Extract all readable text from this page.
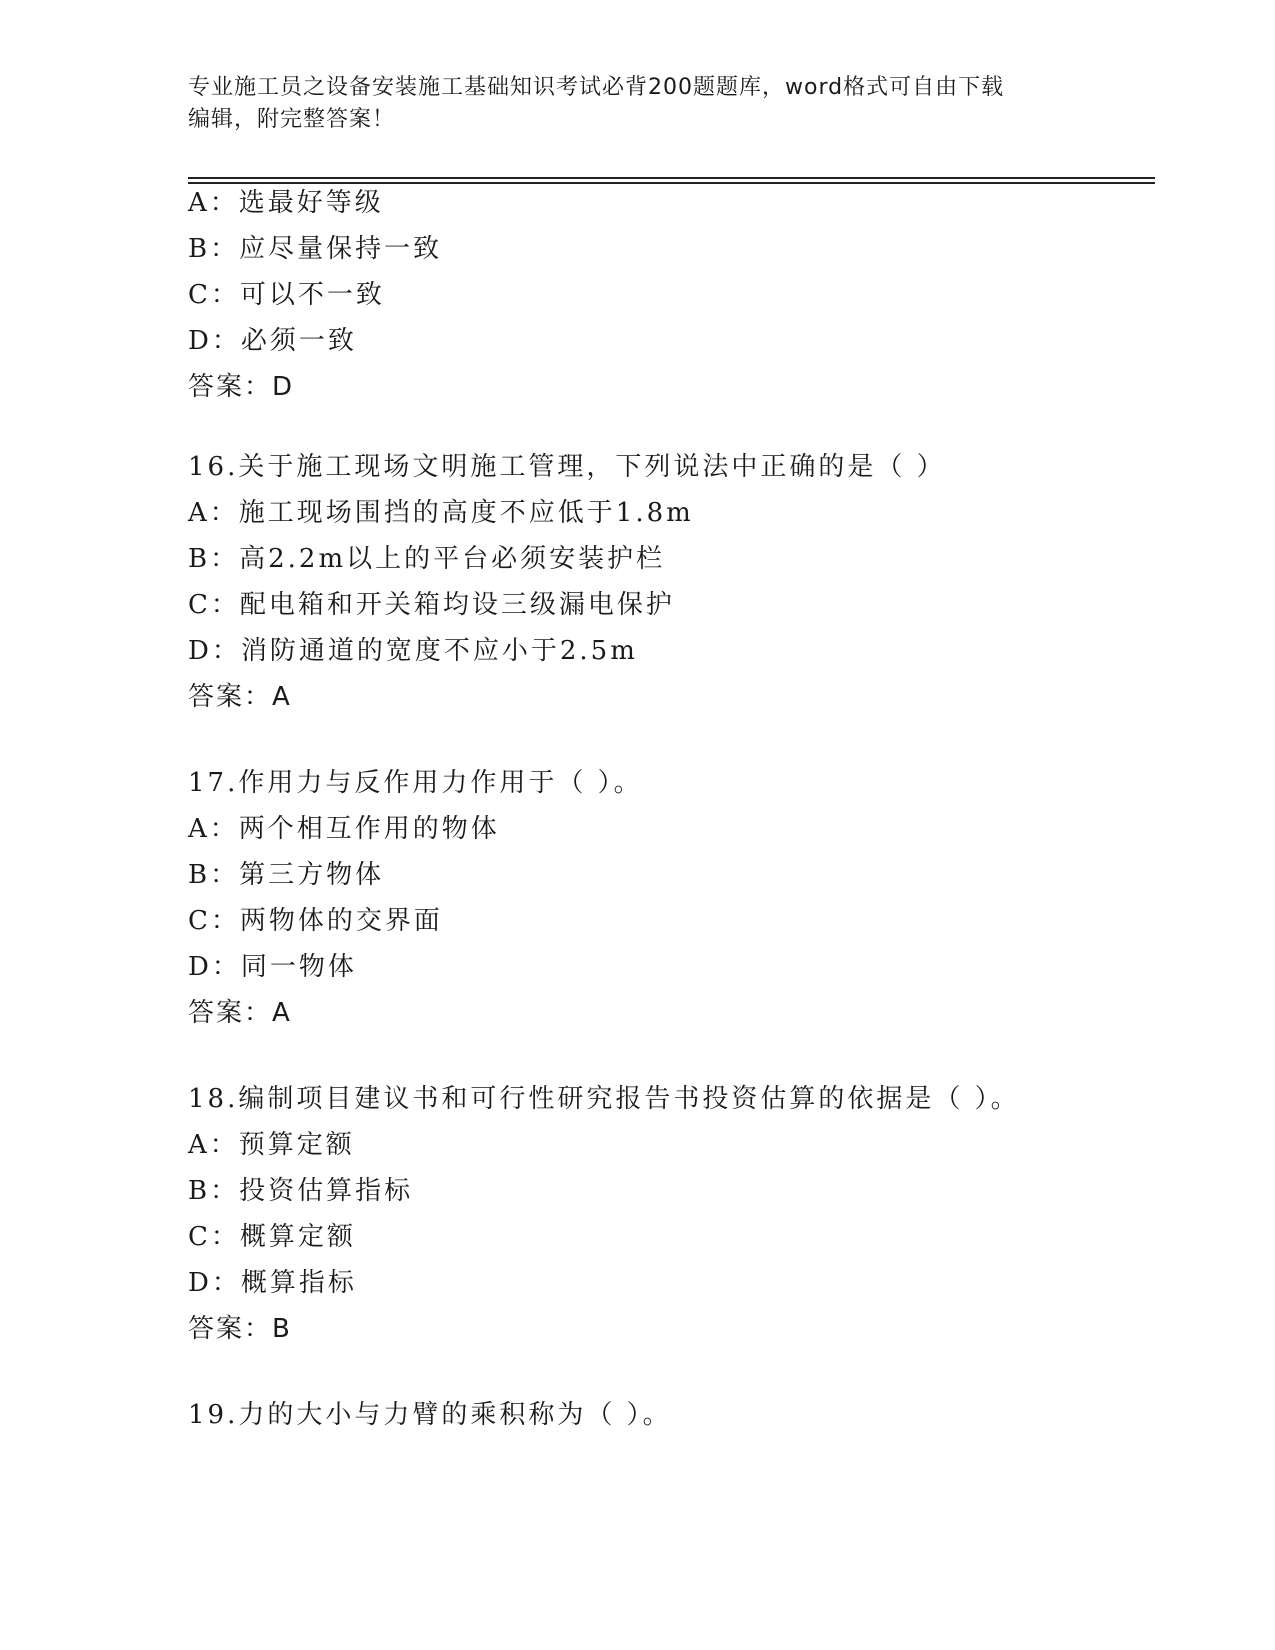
专业施工员之设备安装施工基础知识考试必背200题题库，word格式可自由下载
编辑，附完整答案！
A：选最好等级
B：应尽量保持一致
C：可以不一致
D：必须一致
答案：D
16.关于施工现场文明施工管理，下列说法中正确的是（ ）
A：施工现场围挡的高度不应低于1.8m
B：高2.2m以上的平台必须安装护栏
C：配电箱和开关箱均设三级漏电保护
D：消防通道的宽度不应小于2.5m
答案：A
17.作用力与反作用力作用于（ ）。
A：两个相互作用的物体
B：第三方物体
C：两物体的交界面
D：同一物体
答案：A
18.编制项目建议书和可行性研究报告书投资估算的依据是（ ）。
A：预算定额
B：投资估算指标
C：概算定额
D：概算指标
答案：B
19.力的大小与力臂的乘积称为（ ）。
